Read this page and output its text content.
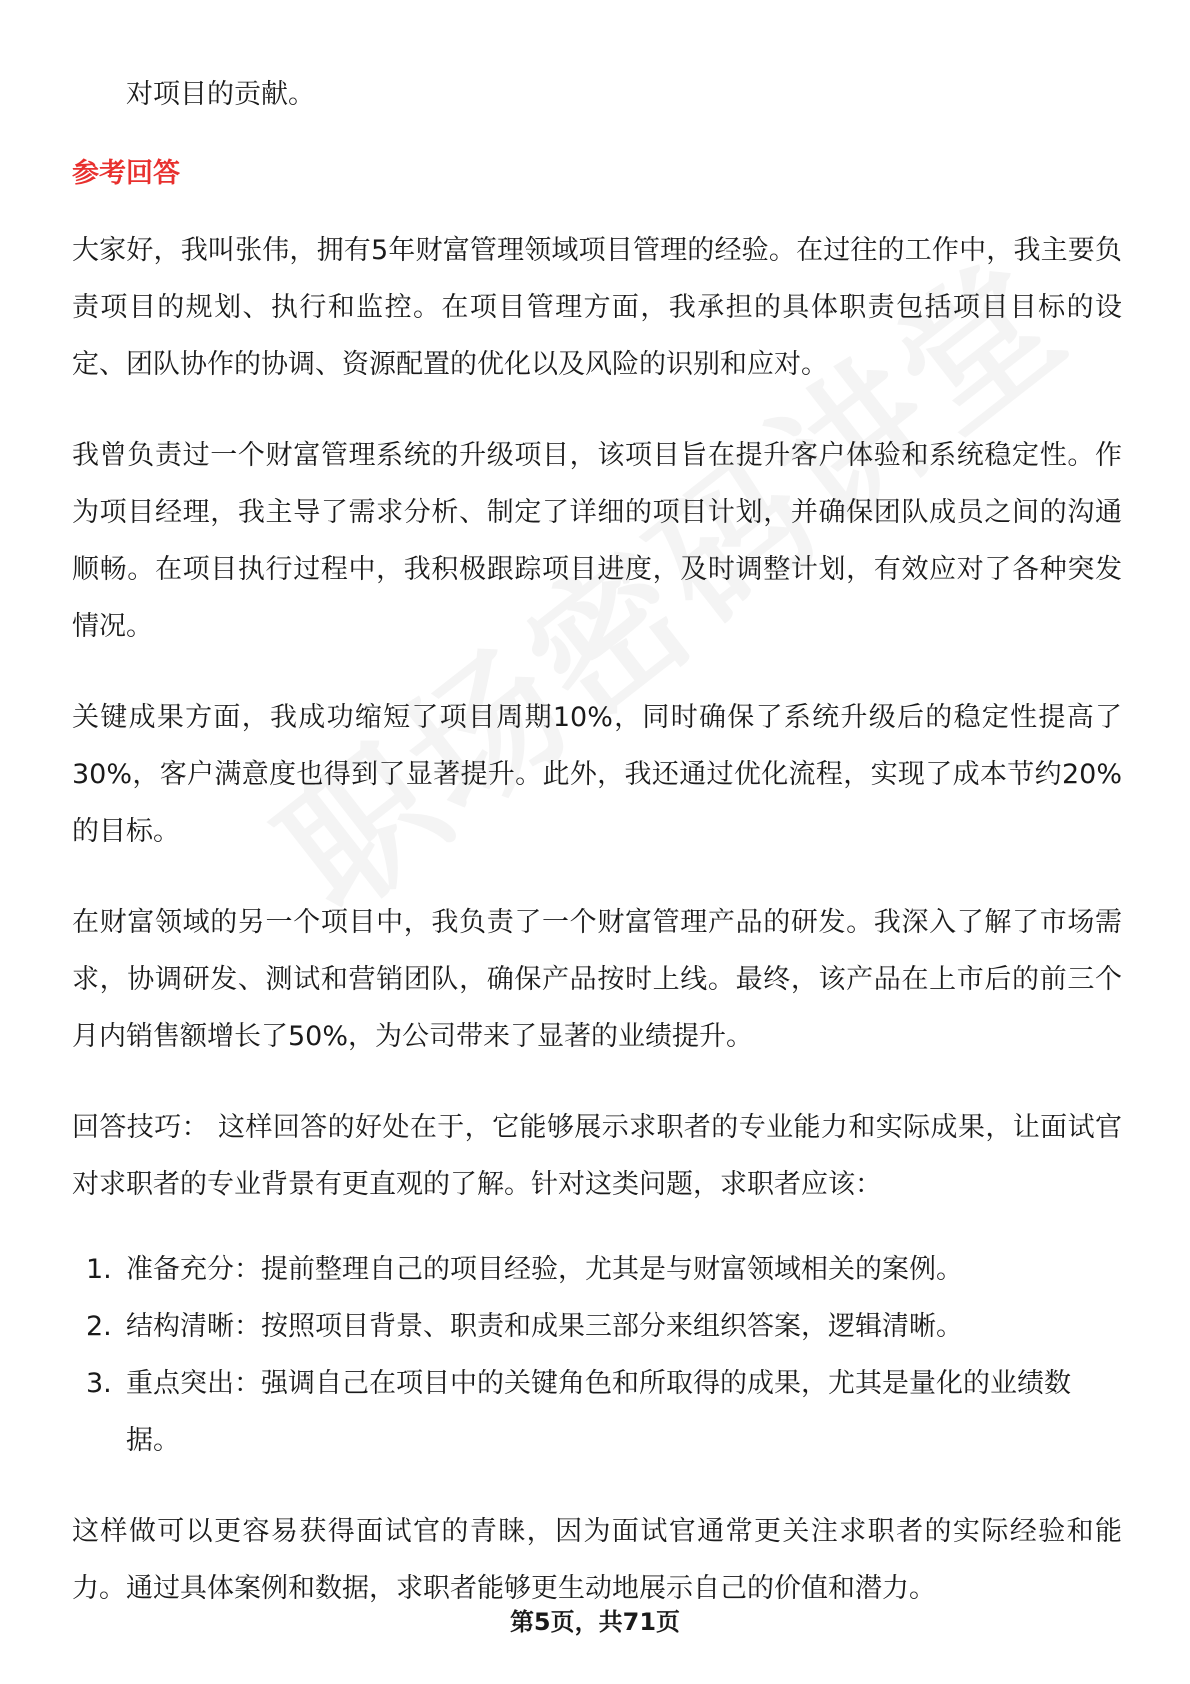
对项目的贡献。

参考回答

大家好，我叫张伟，拥有5年财富管理领域项目管理的经验。在过往的工作中，我主要负责项目的规划、执行和监控。在项目管理方面，我承担的具体职责包括项目目标的设定、团队协作的协调、资源配置的优化以及风险的识别和应对。

我曾负责过一个财富管理系统的升级项目，该项目旨在提升客户体验和系统稳定性。作为项目经理，我主导了需求分析、制定了详细的项目计划，并确保团队成员之间的沟通顺畅。在项目执行过程中，我积极跟踪项目进度，及时调整计划，有效应对了各种突发情况。

关键成果方面，我成功缩短了项目周期10%，同时确保了系统升级后的稳定性提高了30%，客户满意度也得到了显著提升。此外，我还通过优化流程，实现了成本节约20%的目标。

在财富领域的另一个项目中，我负责了一个财富管理产品的研发。我深入了解了市场需求，协调研发、测试和营销团队，确保产品按时上线。最终，该产品在上市后的前三个月内销售额增长了50%，为公司带来了显著的业绩提升。

回答技巧： 这样回答的好处在于，它能够展示求职者的专业能力和实际成果，让面试官对求职者的专业背景有更直观的了解。针对这类问题，求职者应该：

1. 准备充分：提前整理自己的项目经验，尤其是与财富领域相关的案例。
2. 结构清晰：按照项目背景、职责和成果三部分来组织答案，逻辑清晰。
3. 重点突出：强调自己在项目中的关键角色和所取得的成果，尤其是量化的业绩数据。

这样做可以更容易获得面试官的青睐，因为面试官通常更关注求职者的实际经验和能力。通过具体案例和数据，求职者能够更生动地展示自己的价值和潜力。

第5页，共71页
